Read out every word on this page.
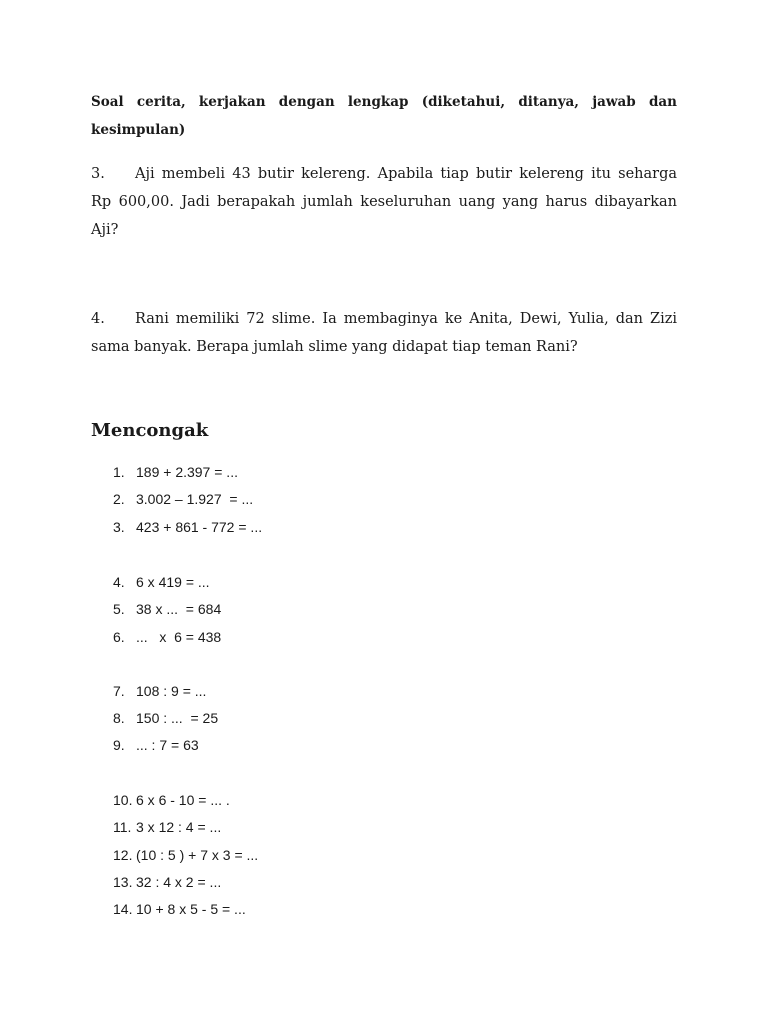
Soal cerita, kerjakan dengan lengkap (diketahui, ditanya, jawab dan
kesimpulan)
3. Aji membeli 43 butir kelereng. Apabila tiap butir kelereng itu seharga
Rp 600,00. Jadi berapakah jumlah keseluruhan uang yang harus dibayarkan
Aji?
4. Rani memiliki 72 slime. Ia membaginya ke Anita, Dewi, Yulia, dan Zizi
sama banyak. Berapa jumlah slime yang didapat tiap teman Rani?
Mencongak
1. 189 + 2.397 = ...
2. 3.002 – 1.927  = ...
3. 423 + 861 - 772 = ...
4. 6 x 419 = ...
5. 38 x ...  = 684
6. ...   x  6 = 438
7. 108 : 9 = ...
8. 150 : ...  = 25
9. ... : 7 = 63
10. 6 x 6 - 10 = ... .
11. 3 x 12 : 4 = ...
12. (10 : 5 ) + 7 x 3 = ...
13. 32 : 4 x 2 = ...
14. 10 + 8 x 5 - 5 = ...
